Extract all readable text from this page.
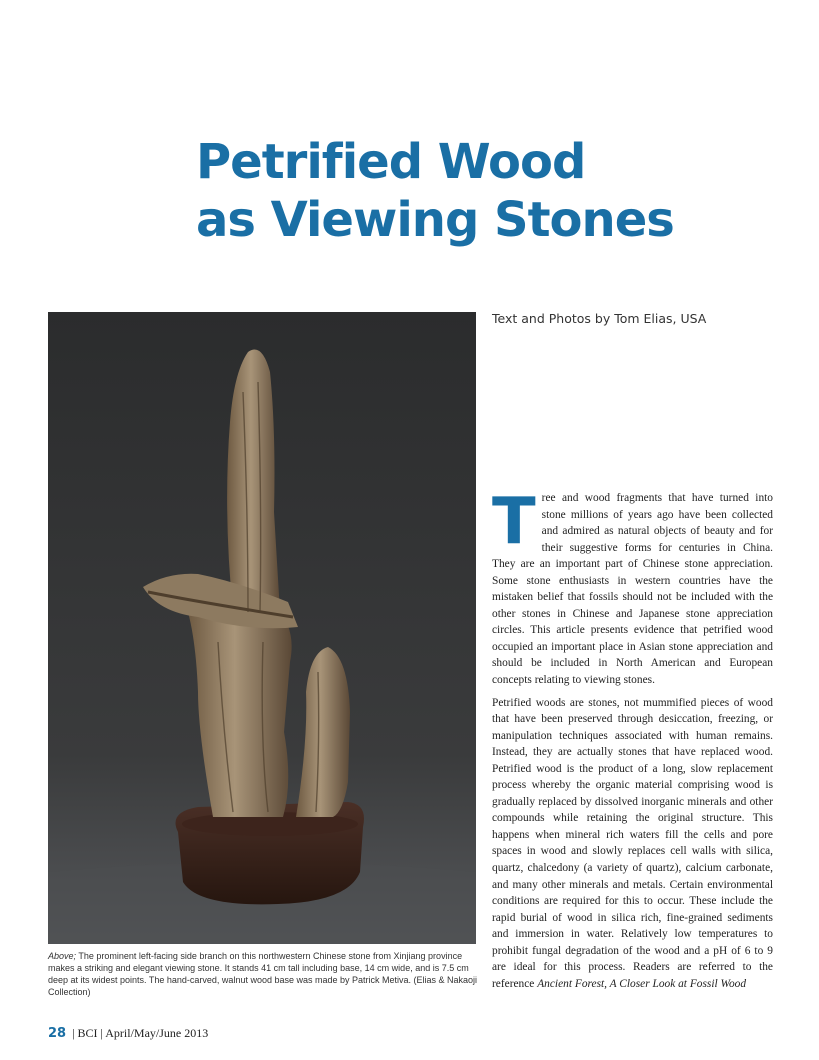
Petrified Wood
as Viewing Stones
Text and Photos by Tom Elias, USA

Above; The prominent left-facing side branch on this northwestern Chinese stone from Xinjiang province makes a striking and elegant viewing stone. It stands 41 cm tall including base, 14 cm wide, and is 7.5 cm deep at its widest points. The hand-carved, walnut wood base was made by Patrick Metiva. (Elias & Nakaoji Collection)

Tree and wood fragments that have turned into stone millions of years ago have been collected and admired as natural objects of beauty and for their suggestive forms for centuries in China. They are an important part of Chinese stone appreciation. Some stone enthusiasts in western countries have the mistaken belief that fossils should not be included with the other stones in Chinese and Japanese stone appreciation circles. This article presents evidence that petrified wood occupied an important place in Asian stone appreciation and should be included in North American and European concepts relating to viewing stones.

Petrified woods are stones, not mummified pieces of wood that have been preserved through desiccation, freezing, or manipulation techniques associated with human remains. Instead, they are actually stones that have replaced wood. Petrified wood is the product of a long, slow replacement process whereby the organic material comprising wood is gradually replaced by dissolved inorganic minerals and other compounds while retaining the original structure. This happens when mineral rich waters fill the cells and pore spaces in wood and slowly replaces cell walls with silica, quartz, chalcedony (a variety of quartz), calcium carbonate, and many other minerals and metals. Certain environmental conditions are required for this to occur. These include the rapid burial of wood in silica rich, fine-grained sediments and immersion in water. Relatively low temperatures to prohibit fungal degradation of the wood and a pH of 6 to 9 are ideal for this process. Readers are referred to the reference Ancient Forest, A Closer Look at Fossil Wood

28 | BCI | April/May/June 2013
